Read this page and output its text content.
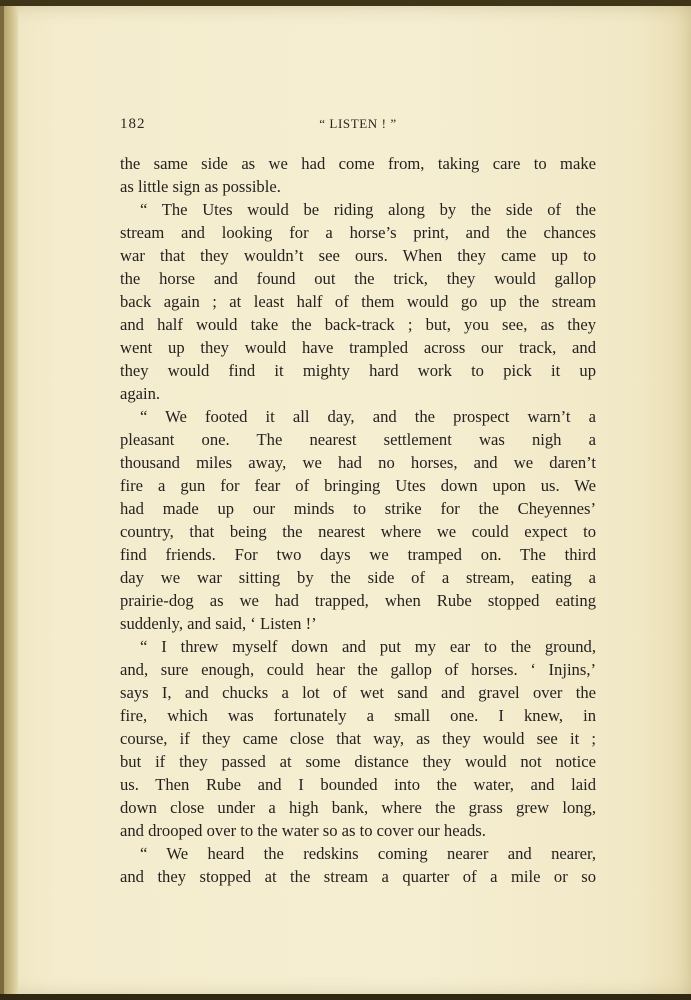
182	“ LISTEN ! ”
the same side as we had come from, taking care to make
as little sign as possible.
“ The Utes would be riding along by the side of the
stream and looking for a horse’s print, and the chances
war that they wouldn’t see ours. When they came up to
the horse and found out the trick, they would gallop
back again ; at least half of them would go up the stream
and half would take the back-track ; but, you see, as they
went up they would have trampled across our track, and
they would find it mighty hard work to pick it up
again.
“ We footed it all day, and the prospect warn’t a
pleasant one. The nearest settlement was nigh a
thousand miles away, we had no horses, and we daren’t
fire a gun for fear of bringing Utes down upon us. We
had made up our minds to strike for the Cheyennes’
country, that being the nearest where we could expect to
find friends. For two days we tramped on. The third
day we war sitting by the side of a stream, eating a
prairie-dog as we had trapped, when Rube stopped eating
suddenly, and said, ‘ Listen !’
“ I threw myself down and put my ear to the ground,
and, sure enough, could hear the gallop of horses. ‘ Injins,’
says I, and chucks a lot of wet sand and gravel over the
fire, which was fortunately a small one. I knew, in
course, if they came close that way, as they would see it ;
but if they passed at some distance they would not notice
us. Then Rube and I bounded into the water, and laid
down close under a high bank, where the grass grew long,
and drooped over to the water so as to cover our heads.
“ We heard the redskins coming nearer and nearer,
and they stopped at the stream a quarter of a mile or so
